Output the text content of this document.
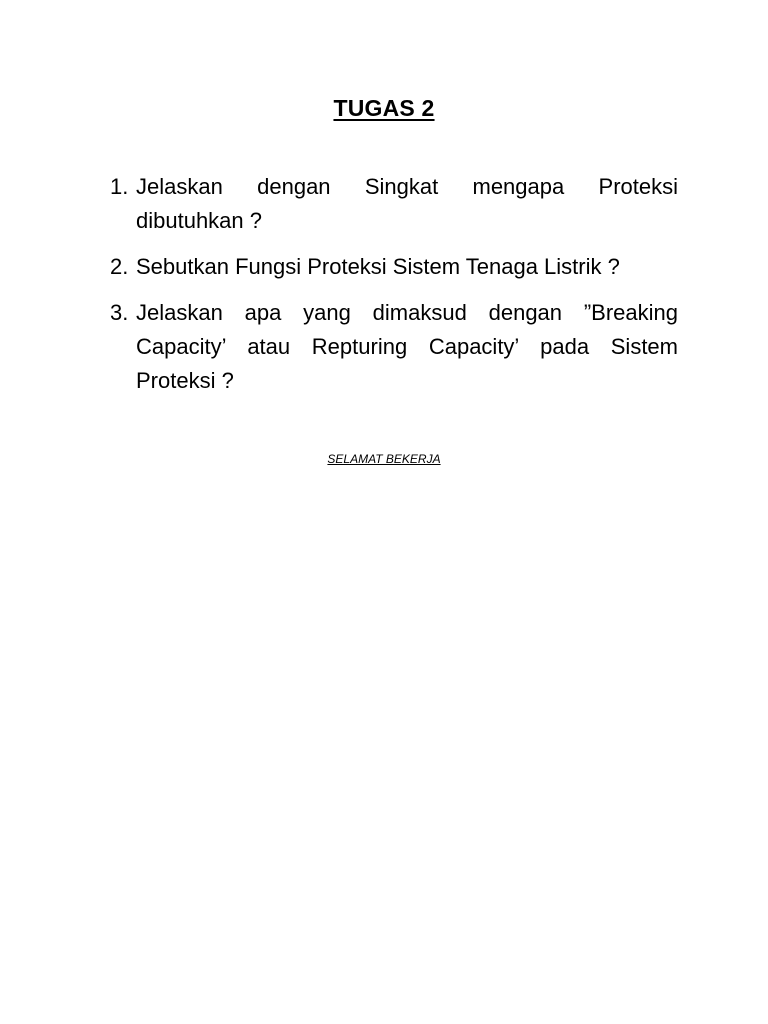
TUGAS 2
1. Jelaskan dengan Singkat mengapa Proteksi dibutuhkan ?
2. Sebutkan Fungsi Proteksi Sistem Tenaga Listrik ?
3. Jelaskan apa yang dimaksud dengan ”Breaking Capacity’ atau Repturing Capacity’ pada Sistem Proteksi ?

SELAMAT BEKERJA
